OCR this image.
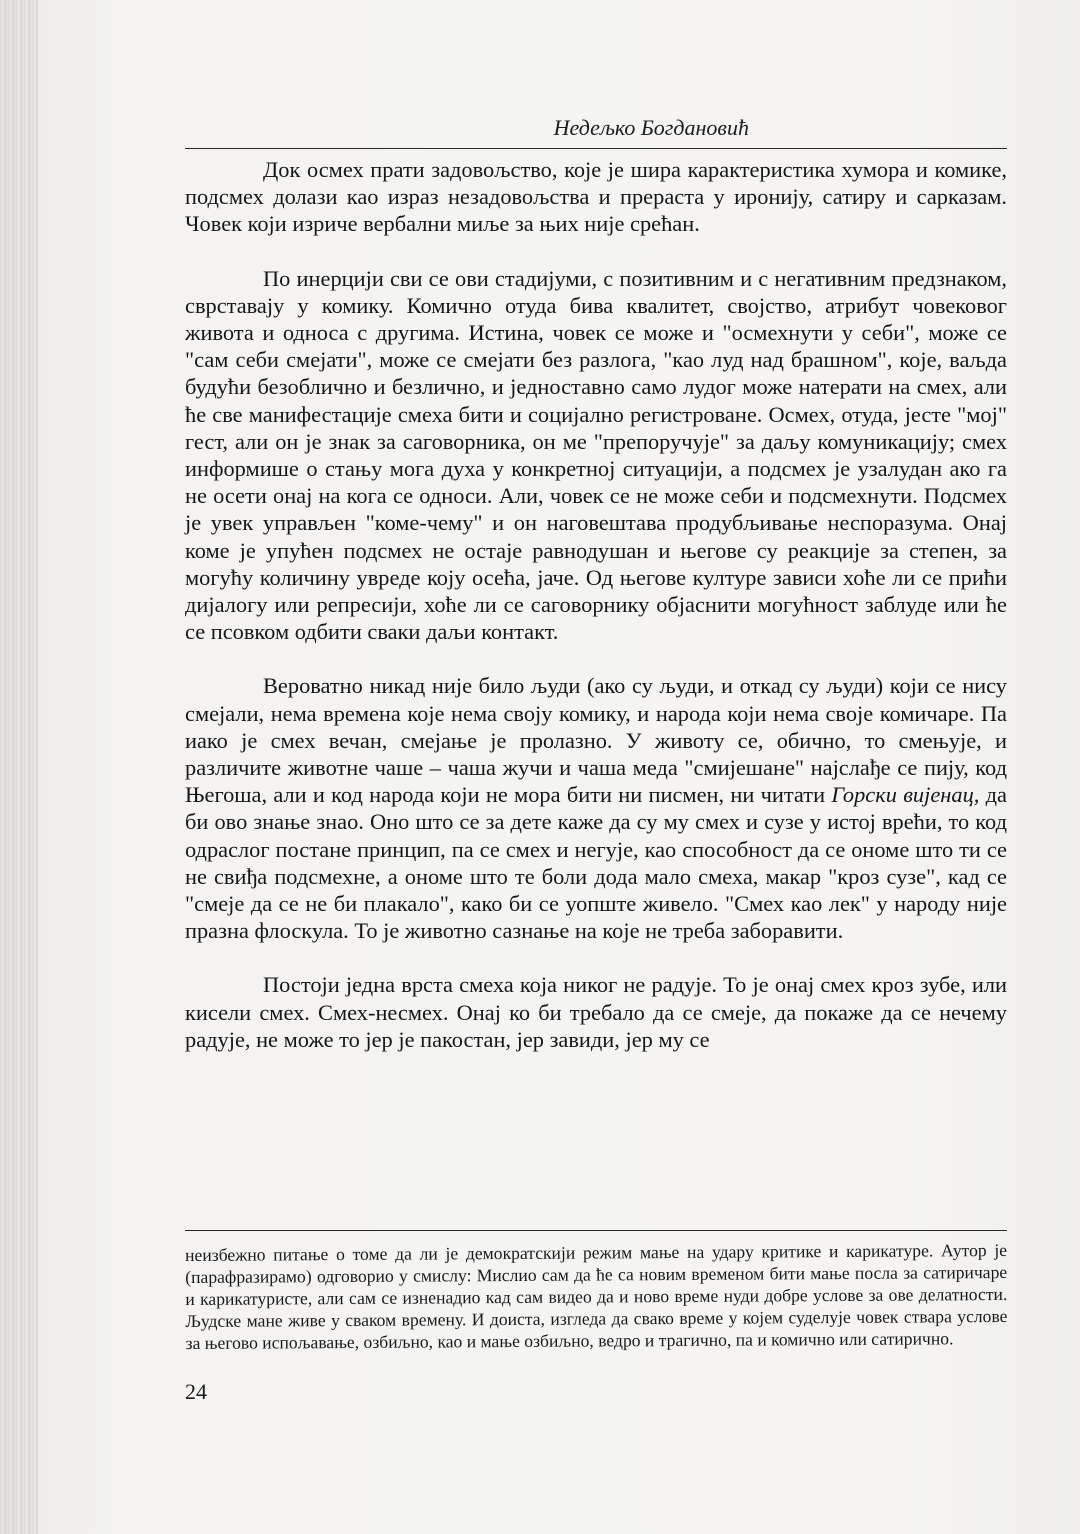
Недељко Богдановић

Док осмех прати задовољство, које је шира карактеристика хумора и комике, подсмех долази као израз незадовољства и прераста у иронију, сатиру и сарказам. Човек који изриче вербални миље за њих није срећан.

По инерцији сви се ови стадијуми, с позитивним и с негативним предзнаком, сврставају у комику. Комично отуда бива квалитет, својство, атрибут човековог живота и односа с другима. Истина, човек се може и "осмехнути у себи", може се "сам себи смејати", може се смејати без разлога, "као луд над брашном", које, ваљда будући безоблично и безлично, и једноставно само лудог може натерати на смех, али ће све манифестације смеха бити и социјално регистроване. Осмех, отуда, јесте "мој" гест, али он је знак за саговорника, он ме "препоручује" за даљу комуникацију; смех информише о стању мога духа у конкретној ситуацији, а подсмех је узалудан ако га не осети онај на кога се односи. Али, човек се не може себи и подсмехнути. Подсмех је увек управљен "коме-чему" и он наговештава продубљивање неспоразума. Онај коме је упућен подсмех не остаје равнодушан и његове су реакције за степен, за могућу количину увреде коју осећа, јаче. Од његове културе зависи хоће ли се прићи дијалогу или репресији, хоће ли се саговорнику објаснити могућност заблуде или ће се псовком одбити сваки даљи контакт.

Вероватно никад није било људи (ако су људи, и откад су људи) који се нису смејали, нема времена које нема своју комику, и народа који нема своје комичаре. Па иако је смех вечан, смејање је пролазно. У животу се, обично, то смењује, и различите животне чаше – чаша жучи и чаша меда "смијешане" најслађе се пију, код Његоша, али и код народа који не мора бити ни писмен, ни читати Горски вијенац, да би ово знање знао. Оно што се за дете каже да су му смех и сузе у истој врећи, то код одраслог постане принцип, па се смех и негује, као способност да се ономе што ти се не свиђа подсмехне, а ономе што те боли дода мало смеха, макар "кроз сузе", кад се "смеје да се не би плакало", како би се уопште живело. "Смех као лек" у народу није празна флоскула. То је животно сазнање на које не треба заборавити.

Постоји једна врста смеха која никог не радује. То је онај смех кроз зубе, или кисели смех. Смех-несмех. Онај ко би требало да се смеје, да покаже да се нечему радује, не може то јер је пакостан, јер завиди, јер му се

неизбежно питање о томе да ли је демократскији режим мање на удару критике и карикатуре. Аутор је (парафразирамо) одговорио у смислу: Мислио сам да ће са новим временом бити мање посла за сатиричаре и карикатуристе, али сам се изненадио кад сам видео да и ново време нуди добре услове за ове делатности. Људске мане живе у сваком времену. И доиста, изгледа да свако време у којем суделује човек ствара услове за његово испољавање, озбиљно, као и мање озбиљно, ведро и трагично, па и комично или сатирично.

24
